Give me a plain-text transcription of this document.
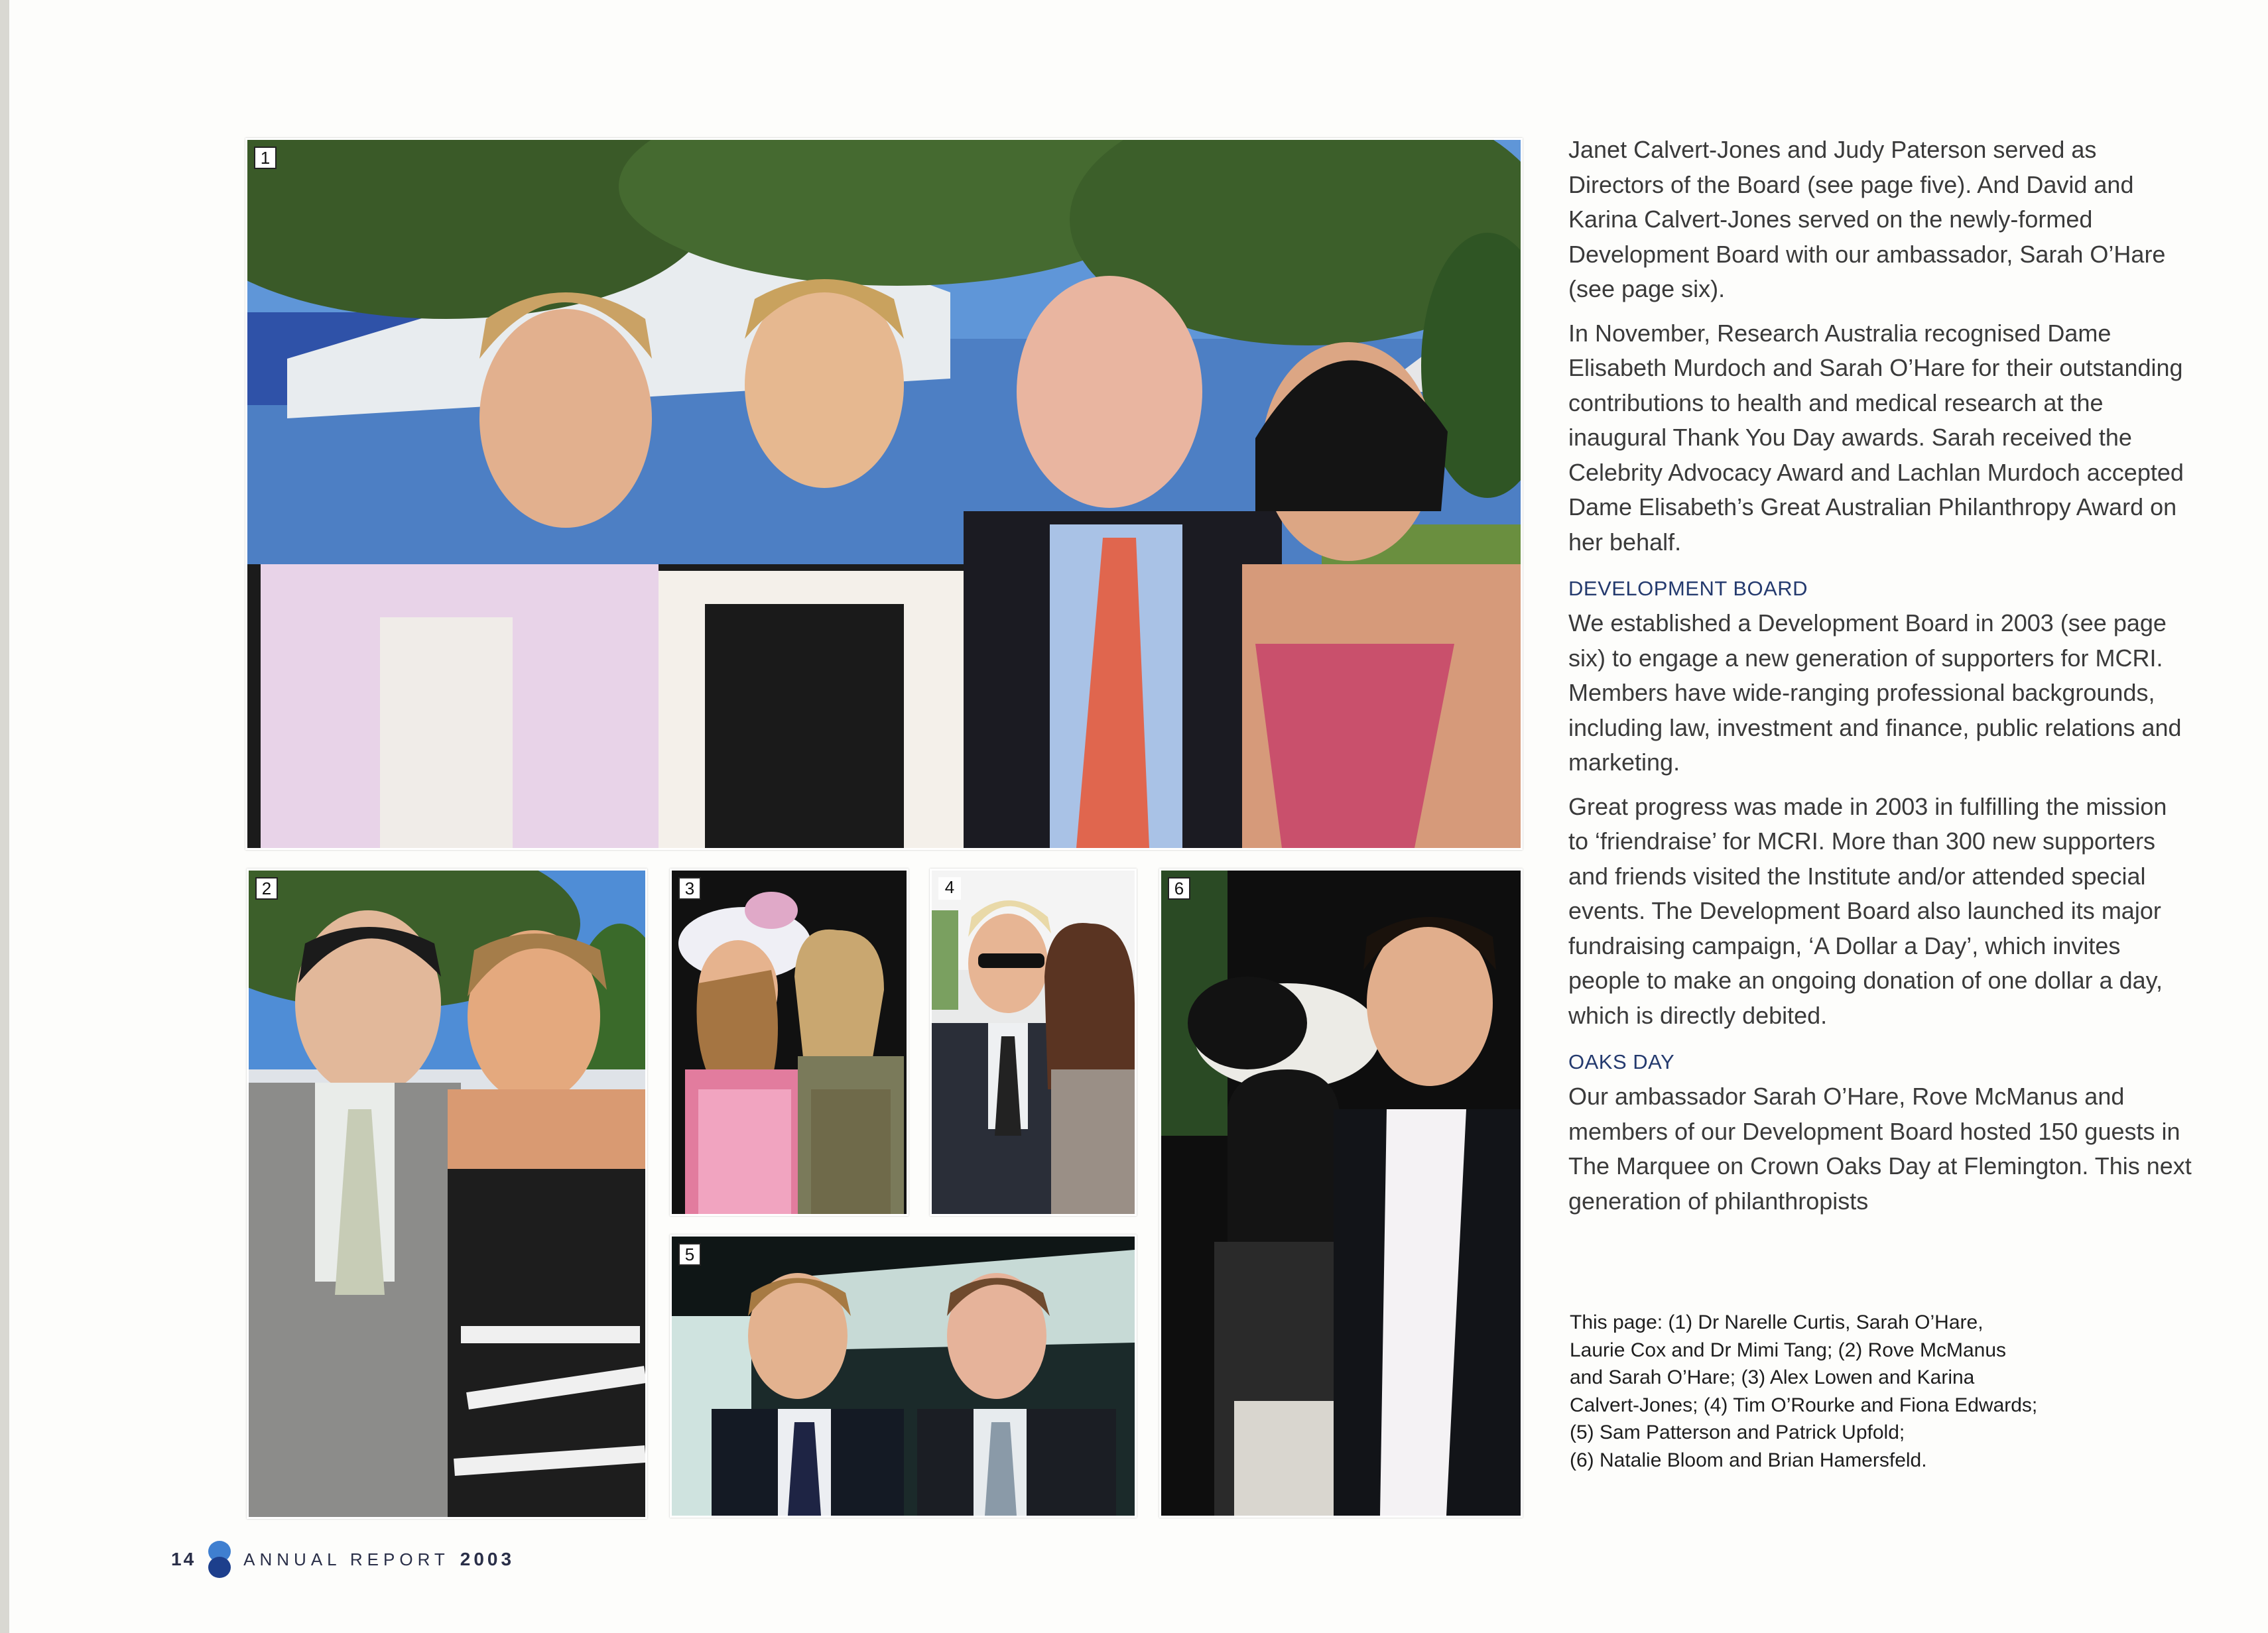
1
2	3	4
5
6

Janet Calvert-Jones and Judy Paterson served as Directors of the Board (see page five). And David and Karina Calvert-Jones served on the newly-formed Development Board with our ambassador, Sarah O’Hare (see page six).

In November, Research Australia recognised Dame Elisabeth Murdoch and Sarah O’Hare for their outstanding contributions to health and medical research at the inaugural Thank You Day awards. Sarah received the Celebrity Advocacy Award and Lachlan Murdoch accepted Dame Elisabeth’s Great Australian Philanthropy Award on her behalf.

DEVELOPMENT BOARD

We established a Development Board in 2003 (see page six) to engage a new generation of supporters for MCRI. Members have wide-ranging professional backgrounds, including law, investment and finance, public relations and marketing.

Great progress was made in 2003 in fulfilling the mission to ‘friendraise’ for MCRI. More than 300 new supporters and friends visited the Institute and/or attended special events. The Development Board also launched its major fundraising campaign, ‘A Dollar a Day’, which invites people to make an ongoing donation of one dollar a day, which is directly debited.

OAKS DAY

Our ambassador Sarah O’Hare, Rove McManus and members of our Development Board hosted 150 guests in The Marquee on Crown Oaks Day at Flemington. This next generation of philanthropists

This page: (1) Dr Narelle Curtis, Sarah O’Hare,
Laurie Cox and Dr Mimi Tang; (2) Rove McManus
and Sarah O’Hare; (3) Alex Lowen and Karina
Calvert-Jones; (4) Tim O’Rourke and Fiona Edwards;
(5) Sam Patterson and Patrick Upfold;
(6) Natalie Bloom and Brian Hamersfeld.
14	ANNUAL REPORT 2003
